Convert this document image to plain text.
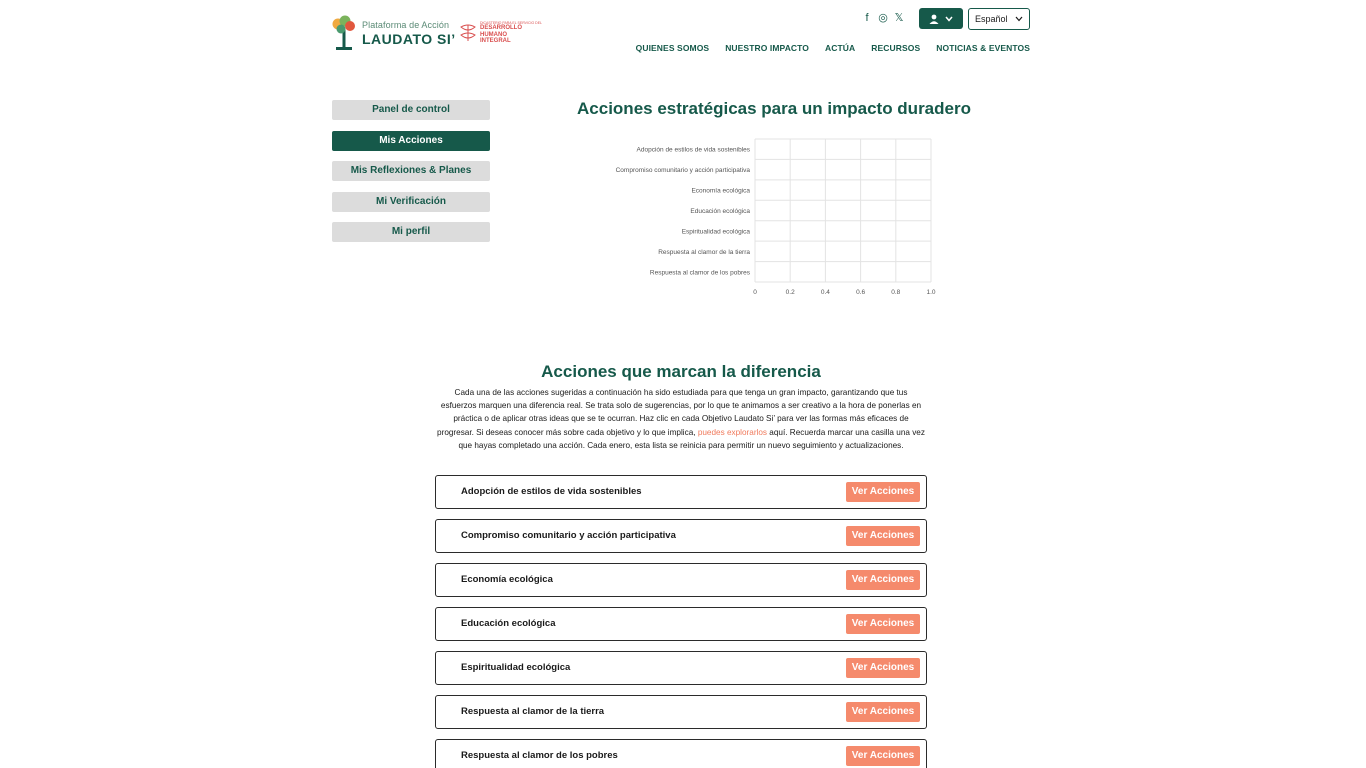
Plataforma de Acción
LAUDATO SI’
DICASTERIO PARA EL SERVICIO DEL
DESARROLLO
HUMANO
INTEGRAL
f ◎ 𝕏	Español
QUIENES SOMOS NUESTRO IMPACTO ACTÚA RECURSOS NOTICIAS & EVENTOS
Panel de control
Mis Acciones
Mis Reflexiones & Planes
Mi Verificación
Mi perfil
Acciones estratégicas para un impacto duradero
0	0.2	0.4	0.6	0.8	1.0
Adopción de estilos de vida sostenibles
Compromiso comunitario y acción participativa
Economía ecológica
Educación ecológica
Espiritualidad ecológica
Respuesta al clamor de la tierra
Respuesta al clamor de los pobres
Acciones que marcan la diferencia

Cada una de las acciones sugeridas a continuación ha sido estudiada para que tenga un gran impacto, garantizando que tus esfuerzos marquen una diferencia real. Se trata solo de sugerencias, por lo que te animamos a ser creativo a la hora de ponerlas en práctica o de aplicar otras ideas que se te ocurran. Haz clic en cada Objetivo Laudato Si’ para ver las formas más eficaces de progresar. Si deseas conocer más sobre cada objetivo y lo que implica, puedes explorarlos aquí. Recuerda marcar una casilla una vez que hayas completado una acción. Cada enero, esta lista se reinicia para permitir un nuevo seguimiento y actualizaciones.

Adopción de estilos de vida sostenibles	Ver Acciones
Compromiso comunitario y acción participativa	Ver Acciones
Economía ecológica	Ver Acciones
Educación ecológica	Ver Acciones
Espiritualidad ecológica	Ver Acciones
Respuesta al clamor de la tierra	Ver Acciones
Respuesta al clamor de los pobres	Ver Acciones
